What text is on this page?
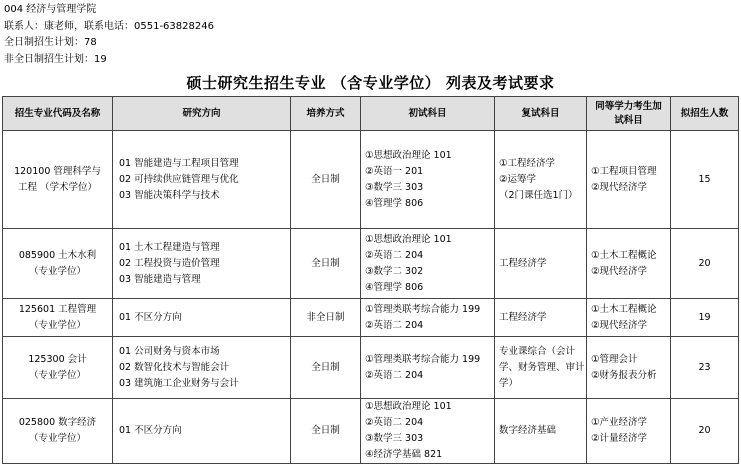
004 经济与管理学院
联系人：康老师，联系电话：0551-63828246
全日制招生计划：78
非全日制招生计划：19
硕士研究生招生专业 （含专业学位） 列表及考试要求
招生专业代码及名称	研究方向	培养方式	初试科目	复试科目	同等学力考生加试科目	拟招生人数

120100 管理科学与
工程 （学术学位）	01 智能建造与工程项目管理
02 可持续供应链管理与优化
03 智能决策科学与技术	全日制	①思想政治理论 101
②英语一 201
③数学三 303
④管理学 806	①工程经济学
②运筹学
（2门课任选1门）	①工程项目管理
②现代经济学	15

085900 土木水利
（专业学位）	01 土木工程建造与管理
02 工程投资与造价管理
03 智能建造与管理	全日制	①思想政治理论 101
②英语二 204
③数学二 302
④管理学 806	工程经济学	①土木工程概论
②现代经济学	20

125601 工程管理
（专业学位）	01 不区分方向	非全日制	①管理类联考综合能力 199
②英语二 204	工程经济学	①土木工程概论
②现代经济学	19

125300 会计
（专业学位）	01 公司财务与资本市场
02 数智化技术与智能会计
03 建筑施工企业财务与会计	全日制	①管理类联考综合能力 199
②英语二 204	专业课综合（会计学、财务管理、审计学）	①管理会计
②财务报表分析	23

025800 数字经济
（专业学位）	01 不区分方向	全日制	①思想政治理论 101
②英语二 204
③数学三 303
④经济学基础 821	数字经济基础	①产业经济学
②计量经济学	20
